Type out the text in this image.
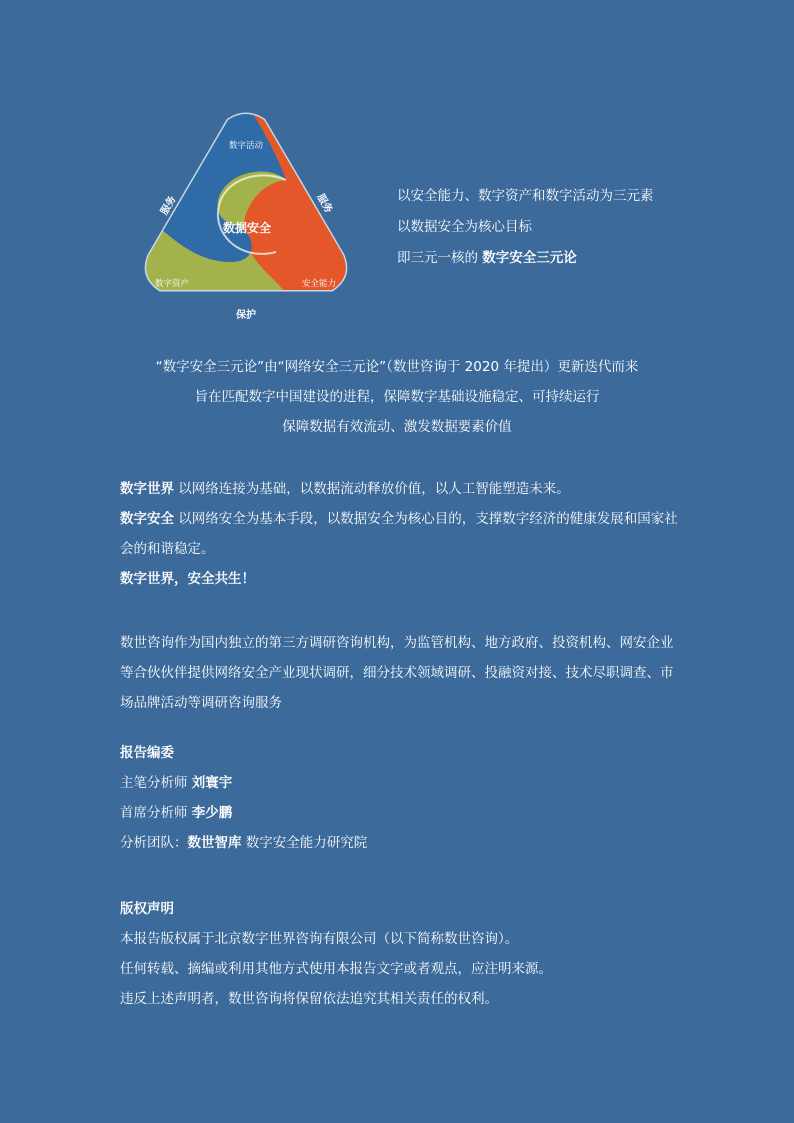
数字活动
数据安全
数字资产	安全能力
服务	服务
保护
以安全能力、数字资产和数字活动为三元素
以数据安全为核心目标
即三元一核的 数字安全三元论
“数字安全三元论”由“网络安全三元论”（数世咨询于 2020 年提出）更新迭代而来
旨在匹配数字中国建设的进程，保障数字基础设施稳定、可持续运行
保障数据有效流动、激发数据要素价值
数字世界 以网络连接为基础，以数据流动释放价值，以人工智能塑造未来。
数字安全 以网络安全为基本手段，以数据安全为核心目的，支撑数字经济的健康发展和国家社会的和谐稳定。
数字世界，安全共生！
数世咨询作为国内独立的第三方调研咨询机构，为监管机构、地方政府、投资机构、网安企业等合伙伙伴提供网络安全产业现状调研，细分技术领域调研、投融资对接、技术尽职调查、市场品牌活动等调研咨询服务
报告编委
主笔分析师 刘寰宇
首席分析师 李少鹏
分析团队：数世智库 数字安全能力研究院
版权声明
本报告版权属于北京数字世界咨询有限公司（以下简称数世咨询）。
任何转载、摘编或利用其他方式使用本报告文字或者观点，应注明来源。
违反上述声明者，数世咨询将保留依法追究其相关责任的权利。
